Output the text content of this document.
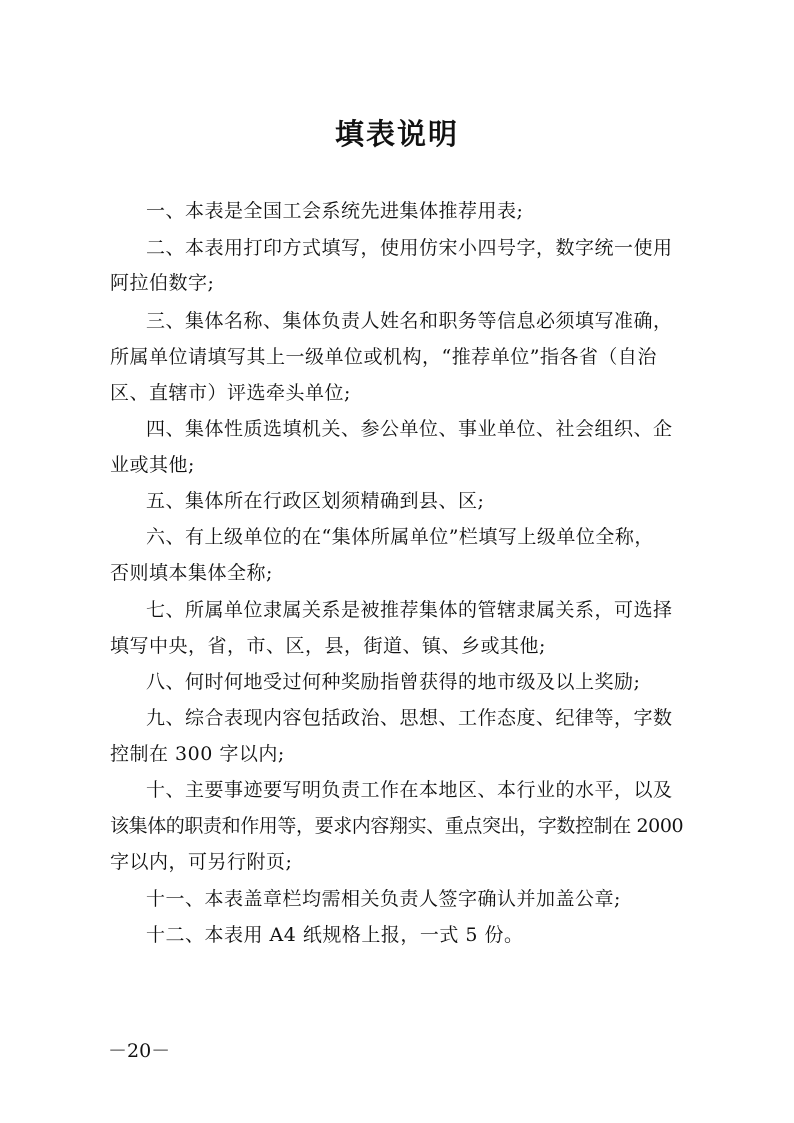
填表说明
一、本表是全国工会系统先进集体推荐用表;
二、本表用打印方式填写，使用仿宋小四号字，数字统一使用
阿拉伯数字;
三、集体名称、集体负责人姓名和职务等信息必须填写准确，
所属单位请填写其上一级单位或机构，“推荐单位”指各省（自治
区、直辖市）评选牵头单位;
四、集体性质选填机关、参公单位、事业单位、社会组织、企
业或其他;
五、集体所在行政区划须精确到县、区;
六、有上级单位的在“集体所属单位”栏填写上级单位全称，
否则填本集体全称;
七、所属单位隶属关系是被推荐集体的管辖隶属关系，可选择
填写中央，省，市、区，县，街道、镇、乡或其他;
八、何时何地受过何种奖励指曾获得的地市级及以上奖励;
九、综合表现内容包括政治、思想、工作态度、纪律等，字数
控制在 300 字以内;
十、主要事迹要写明负责工作在本地区、本行业的水平，以及
该集体的职责和作用等，要求内容翔实、重点突出，字数控制在 2000
字以内，可另行附页;
十一、本表盖章栏均需相关负责人签字确认并加盖公章;
十二、本表用 A4 纸规格上报，一式 5 份。
－20－
